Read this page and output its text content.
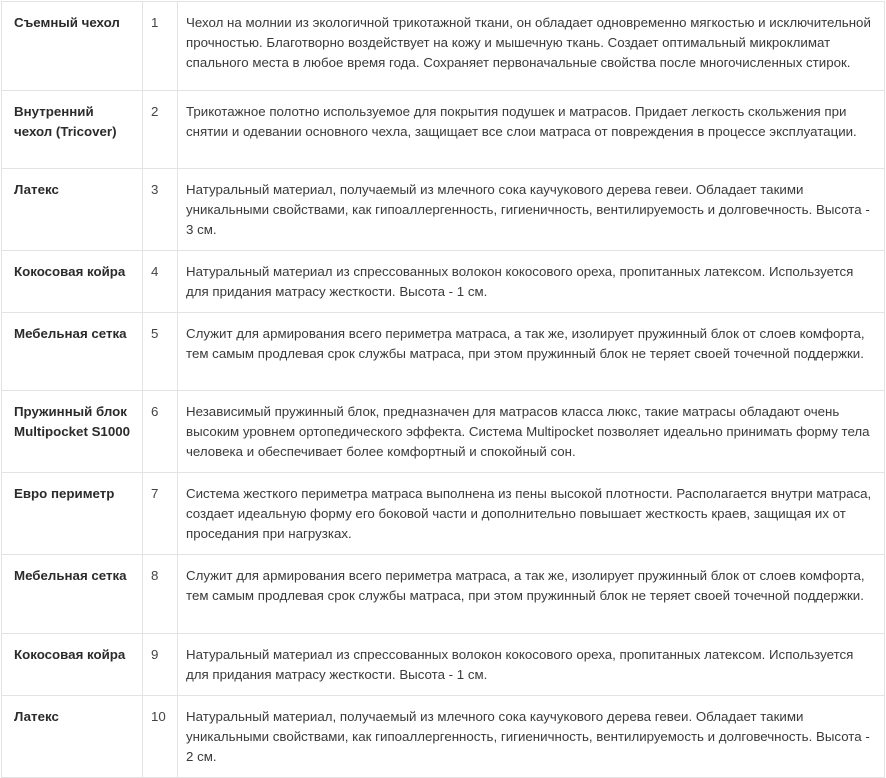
Съемный чехол	1	Чехол на молнии из экологичной трикотажной ткани, он обладает одновременно мягкостью и исключительной прочностью. Благотворно воздействует на кожу и мышечную ткань. Создает оптимальный микроклимат спального места в любое время года. Сохраняет первоначальные свойства после многочисленных стирок.
Внутренний чехол (Tricover)	2	Трикотажное полотно используемое для покрытия подушек и матрасов. Придает легкость скольжения при снятии и одевании основного чехла, защищает все слои матраса от повреждения в процессе эксплуатации.
Латекс	3	Натуральный материал, получаемый из млечного сока каучукового дерева гевеи. Обладает такими уникальными свойствами, как гипоаллергенность, гигиеничность, вентилируемость и долговечность. Высота - 3 см.
Кокосовая койра	4	Натуральный материал из спрессованных волокон кокосового ореха, пропитанных латексом. Используется для придания матрасу жесткости. Высота - 1 см.
Мебельная сетка	5	Служит для армирования всего периметра матраса, а так же, изолирует пружинный блок от слоев комфорта, тем самым продлевая срок службы матраса, при этом пружинный блок не теряет своей точечной поддержки.
Пружинный блок Multipocket S1000	6	Независимый пружинный блок, предназначен для матрасов класса люкс, такие матрасы обладают очень высоким уровнем ортопедического эффекта. Система Multipocket позволяет идеально принимать форму тела человека и обеспечивает более комфортный и спокойный сон.
Евро периметр	7	Система жесткого периметра матраса выполнена из пены высокой плотности. Располагается внутри матраса, создает идеальную форму его боковой части и дополнительно повышает жесткость краев, защищая их от проседания при нагрузках.
Мебельная сетка	8	Служит для армирования всего периметра матраса, а так же, изолирует пружинный блок от слоев комфорта, тем самым продлевая срок службы матраса, при этом пружинный блок не теряет своей точечной поддержки.
Кокосовая койра	9	Натуральный материал из спрессованных волокон кокосового ореха, пропитанных латексом. Используется для придания матрасу жесткости. Высота - 1 см.
Латекс	10	Натуральный материал, получаемый из млечного сока каучукового дерева гевеи. Обладает такими уникальными свойствами, как гипоаллергенность, гигиеничность, вентилируемость и долговечность. Высота - 2 см.
